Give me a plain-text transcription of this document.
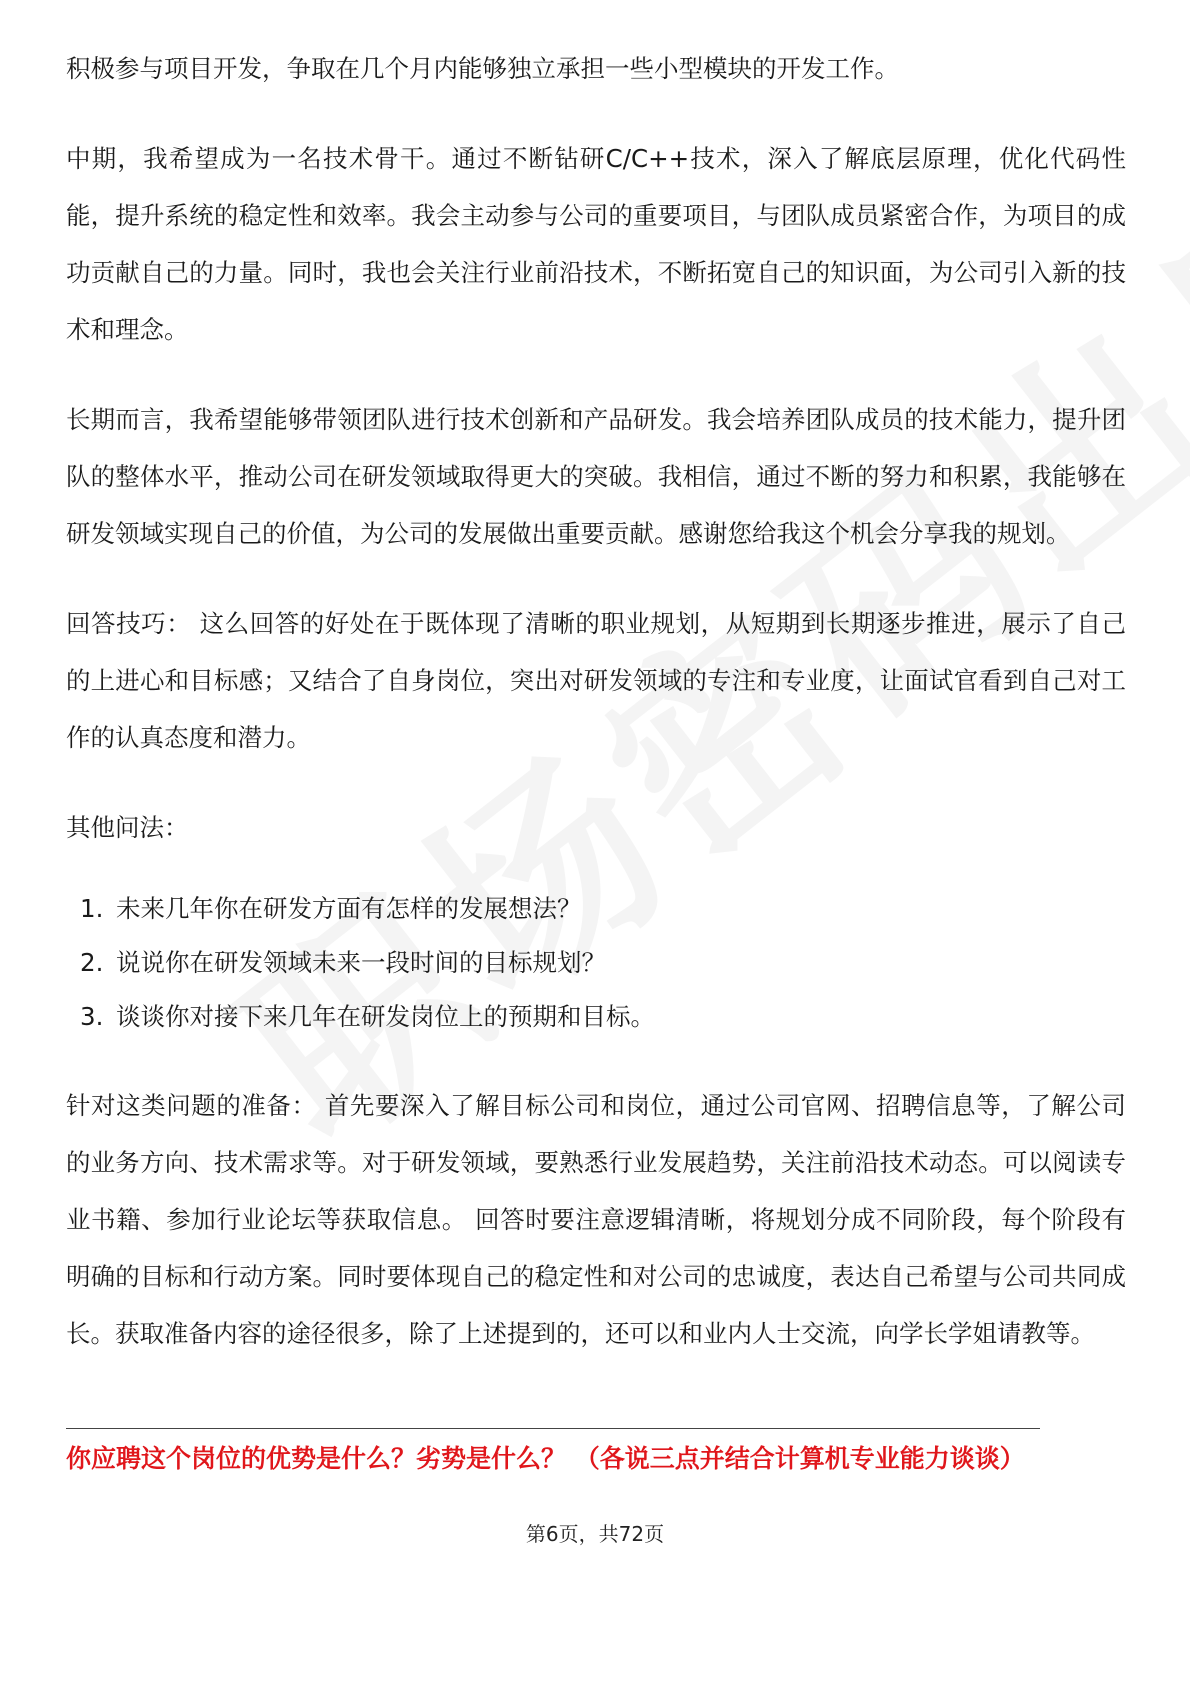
积极参与项目开发，争取在几个月内能够独立承担一些小型模块的开发工作。

中期，我希望成为一名技术骨干。通过不断钻研C/C++技术，深入了解底层原理，优化代码性能，提升系统的稳定性和效率。我会主动参与公司的重要项目，与团队成员紧密合作，为项目的成功贡献自己的力量。同时，我也会关注行业前沿技术，不断拓宽自己的知识面，为公司引入新的技术和理念。

长期而言，我希望能够带领团队进行技术创新和产品研发。我会培养团队成员的技术能力，提升团队的整体水平，推动公司在研发领域取得更大的突破。我相信，通过不断的努力和积累，我能够在研发领域实现自己的价值，为公司的发展做出重要贡献。感谢您给我这个机会分享我的规划。

回答技巧： 这么回答的好处在于既体现了清晰的职业规划，从短期到长期逐步推进，展示了自己的上进心和目标感；又结合了自身岗位，突出对研发领域的专注和专业度，让面试官看到自己对工作的认真态度和潜力。

其他问法：

1. 未来几年你在研发方面有怎样的发展想法？
2. 说说你在研发领域未来一段时间的目标规划？
3. 谈谈你对接下来几年在研发岗位上的预期和目标。

针对这类问题的准备： 首先要深入了解目标公司和岗位，通过公司官网、招聘信息等，了解公司的业务方向、技术需求等。对于研发领域，要熟悉行业发展趋势，关注前沿技术动态。可以阅读专业书籍、参加行业论坛等获取信息。 回答时要注意逻辑清晰，将规划分成不同阶段，每个阶段有明确的目标和行动方案。同时要体现自己的稳定性和对公司的忠诚度，表达自己希望与公司共同成长。获取准备内容的途径很多，除了上述提到的，还可以和业内人士交流，向学长学姐请教等。

你应聘这个岗位的优势是什么？劣势是什么？ （各说三点并结合计算机专业能力谈谈）
第6页，共72页
